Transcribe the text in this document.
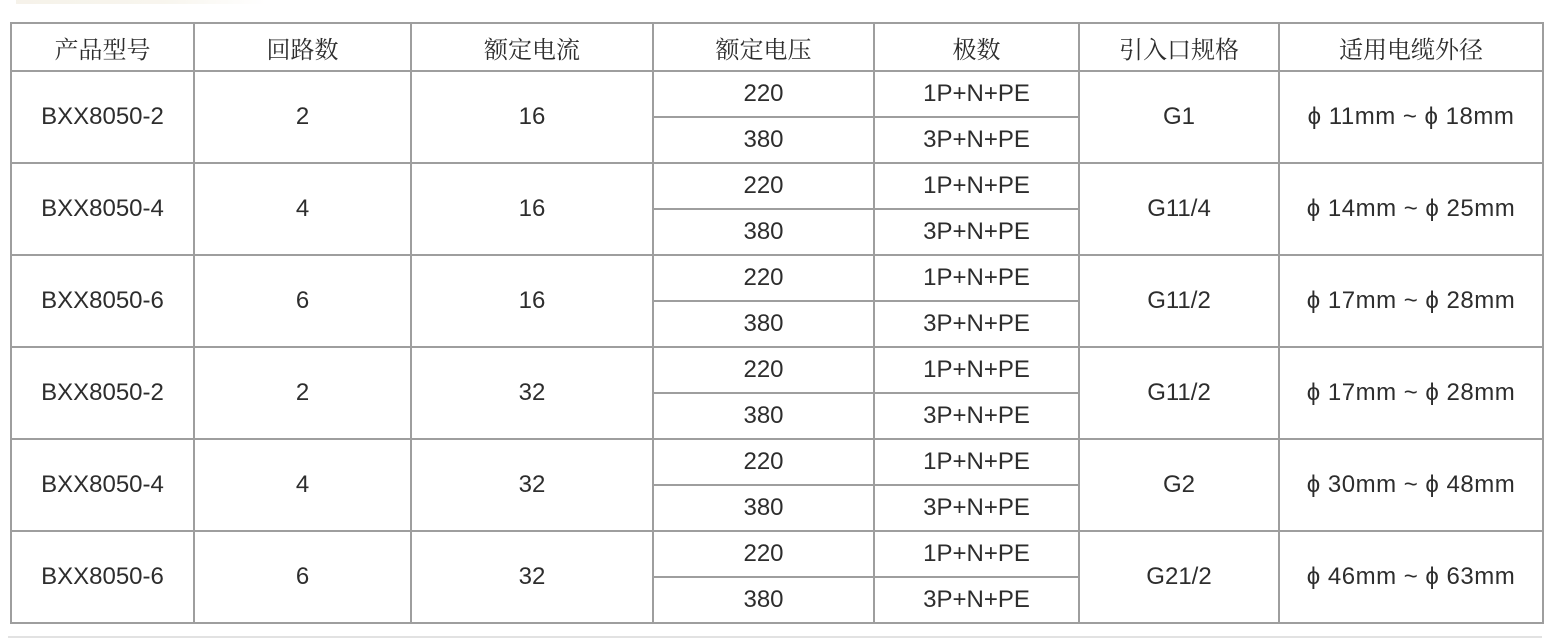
产品型号	回路数	额定电流	额定电压	极数	引入口规格	适用电缆外径
BXX8050-2	2	16	220	1P+N+PE	G1	ϕ 11mm ~ ϕ 18mm
			380	3P+N+PE		
BXX8050-4	4	16	220	1P+N+PE	G11/4	ϕ 14mm ~ ϕ 25mm
			380	3P+N+PE		
BXX8050-6	6	16	220	1P+N+PE	G11/2	ϕ 17mm ~ ϕ 28mm
			380	3P+N+PE		
BXX8050-2	2	32	220	1P+N+PE	G11/2	ϕ 17mm ~ ϕ 28mm
			380	3P+N+PE		
BXX8050-4	4	32	220	1P+N+PE	G2	ϕ 30mm ~ ϕ 48mm
			380	3P+N+PE		
BXX8050-6	6	32	220	1P+N+PE	G21/2	ϕ 46mm ~ ϕ 63mm
			380	3P+N+PE		
